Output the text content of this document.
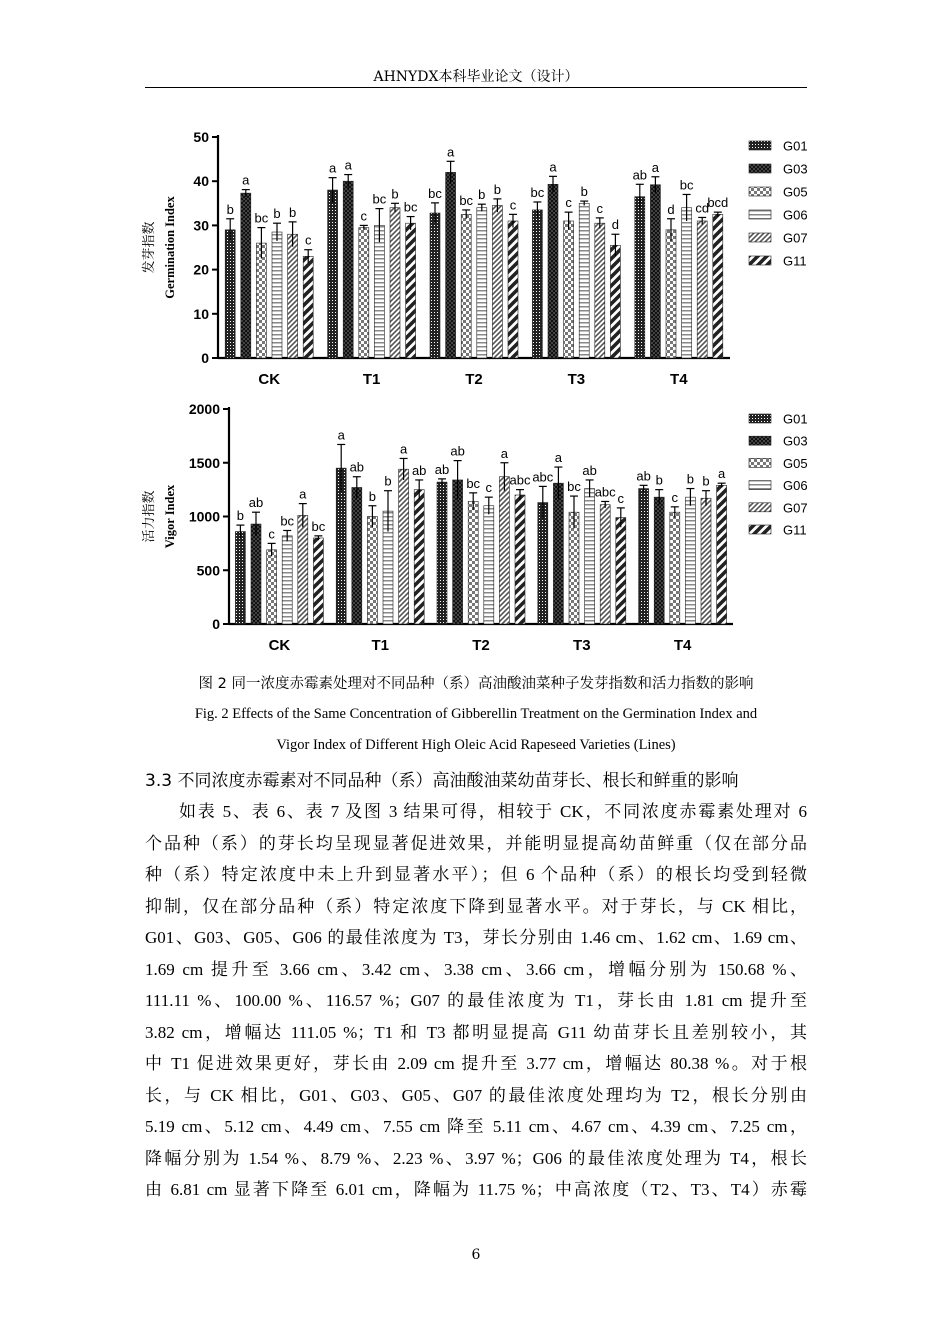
AHNYDX本科毕业论文（设计）
发芽指数 Germination Index
0
10
20
30
40
50
b
a
bc b b
c
CK
a a
c
bc b
bc
T1
bc
a
bc b b
c
T2
bc
a
c
b
c
d
T3
ab
a
d
bc
cd
bcd
T4
G01
G03
G05
G06
G07
G11
活力指数 Vigor Index
0
500
1000
1500
2000
b
ab
c
bc
a
bc
CK
a
ab
b
b
a
ab
T1
ab
ab
bc c
a
abc
T2
abc
a
bc
ab
abc c
T3
ab b
c
b b
a
T4
G01
G03
G05
G06
G07
G11
图 2 同一浓度赤霉素处理对不同品种（系）高油酸油菜种子发芽指数和活力指数的影响
Fig. 2 Effects of the Same Concentration of Gibberellin Treatment on the Germination Index and
Vigor Index of Different High Oleic Acid Rapeseed Varieties (Lines)
3.3 不同浓度赤霉素对不同品种（系）高油酸油菜幼苗芽长、根长和鲜重的影响
如表 5、表 6、表 7 及图 3 结果可得，相较于 CK，不同浓度赤霉素处理对 6
个品种（系）的芽长均呈现显著促进效果，并能明显提高幼苗鲜重（仅在部分品
种（系）特定浓度中未上升到显著水平）；但 6 个品种（系）的根长均受到轻微
抑制，仅在部分品种（系）特定浓度下降到显著水平。对于芽长，与 CK 相比，
G01、G03、G05、G06 的最佳浓度为 T3，芽长分别由 1.46 cm、1.62 cm、1.69 cm、
1.69 cm 提升至 3.66 cm、3.42 cm、3.38 cm、3.66 cm，增幅分别为 150.68 %、
111.11 %、100.00 %、116.57 %；G07 的最佳浓度为 T1，芽长由 1.81 cm 提升至
3.82 cm，增幅达 111.05 %；T1 和 T3 都明显提高 G11 幼苗芽长且差别较小，其
中 T1 促进效果更好，芽长由 2.09 cm 提升至 3.77 cm，增幅达 80.38 %。对于根
长，与 CK 相比，G01、G03、G05、G07 的最佳浓度处理均为 T2，根长分别由
5.19 cm、5.12 cm、4.49 cm、7.55 cm 降至 5.11 cm、4.67 cm、4.39 cm、7.25 cm，
降幅分别为 1.54 %、8.79 %、2.23 %、3.97 %；G06 的最佳浓度处理为 T4，根长
由 6.81 cm 显著下降至 6.01 cm，降幅为 11.75 %；中高浓度（T2、T3、T4）赤霉
6
